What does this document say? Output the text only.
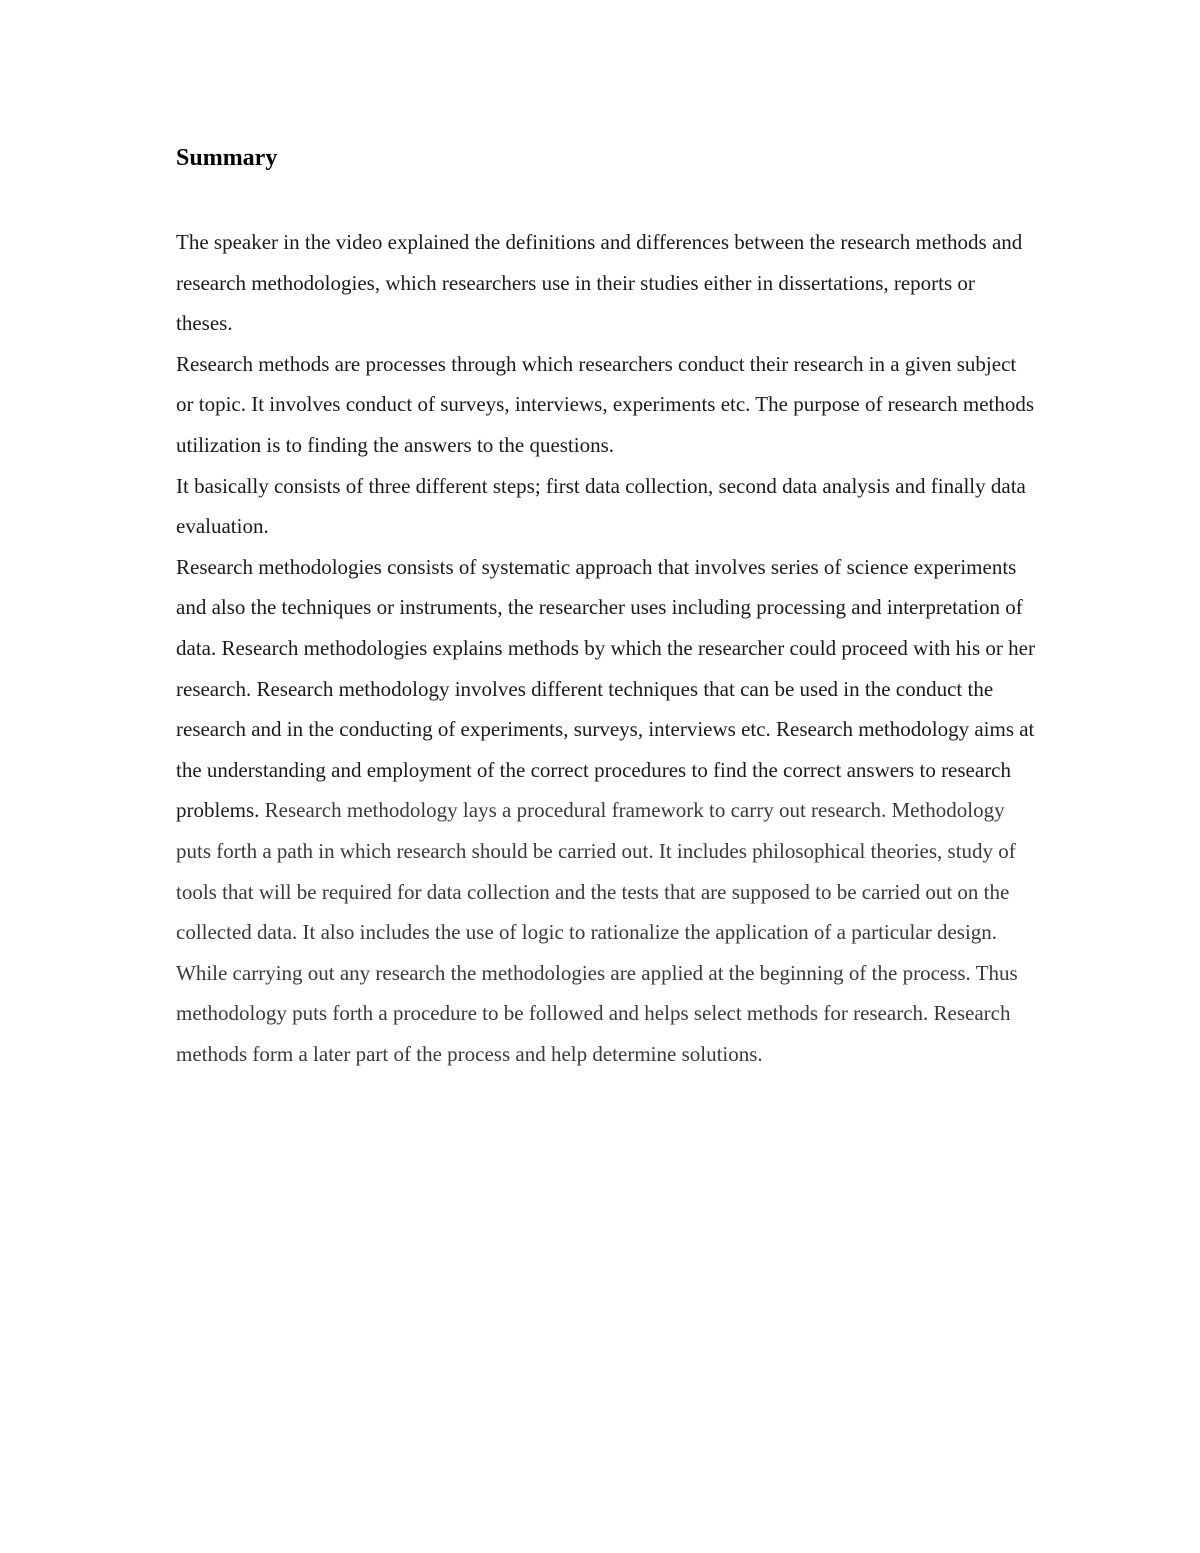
Summary

The speaker in the video explained the definitions and differences between the research methods and research methodologies, which researchers use in their studies either in dissertations, reports or theses.

Research methods are processes through which researchers conduct their research in a given subject or topic. It involves conduct of surveys, interviews, experiments etc. The purpose of research methods utilization is to finding the answers to the questions.

It basically consists of three different steps; first data collection, second data analysis and finally data evaluation.

Research methodologies consists of systematic approach that involves series of science experiments and also the techniques or instruments, the researcher uses including processing and interpretation of data. Research methodologies explains methods by which the researcher could proceed with his or her research. Research methodology involves different techniques that can be used in the conduct the research and in the conducting of experiments, surveys, interviews etc. Research methodology aims at the understanding and employment of the correct procedures to find the correct answers to research problems. Research methodology lays a procedural framework to carry out research. Methodology puts forth a path in which research should be carried out. It includes philosophical theories, study of tools that will be required for data collection and the tests that are supposed to be carried out on the collected data. It also includes the use of logic to rationalize the application of a particular design. While carrying out any research the methodologies are applied at the beginning of the process. Thus methodology puts forth a procedure to be followed and helps select methods for research. Research methods form a later part of the process and help determine solutions.
